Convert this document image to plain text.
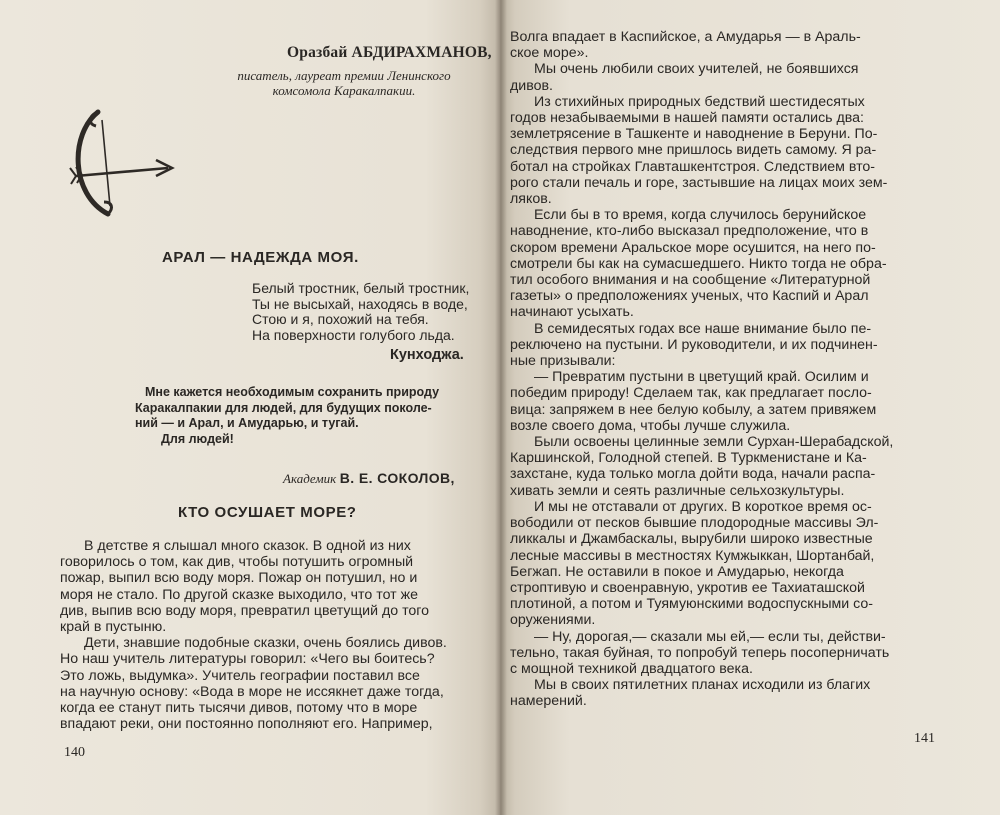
Оразбай АБДИРАХМАНОВ,
писатель, лауреат премии Ленинского
комсомола Каракалпакии.
АРАЛ — НАДЕЖДА МОЯ.
Белый тростник, белый тростник,
Ты не высыхай, находясь в воде,
Стою и я, похожий на тебя.
На поверхности голубого льда.
Кунходжа.
Мне кажется необходимым сохранить природу
Каракалпакии для людей, для будущих поколе-
ний — и Арал, и Амударью, и тугай.
Для людей!
Академик В. Е. СОКОЛОВ,
КТО ОСУШАЕТ МОРЕ?
В детстве я слышал много сказок. В одной из них
говорилось о том, как див, чтобы потушить огромный
пожар, выпил всю воду моря. Пожар он потушил, но и
моря не стало. По другой сказке выходило, что тот же
див, выпив всю воду моря, превратил цветущий до того
край в пустыню.
Дети, знавшие подобные сказки, очень боялись дивов.
Но наш учитель литературы говорил: «Чего вы боитесь?
Это ложь, выдумка». Учитель географии поставил все
на научную основу: «Вода в море не иссякнет даже тогда,
когда ее станут пить тысячи дивов, потому что в море
впадают реки, они постоянно пополняют его. Например,
140
Волга впадает в Каспийское, а Амударья — в Араль-
ское море».
Мы очень любили своих учителей, не боявшихся
дивов.
Из стихийных природных бедствий шестидесятых
годов незабываемыми в нашей памяти остались два:
землетрясение в Ташкенте и наводнение в Беруни. По-
следствия первого мне пришлось видеть самому. Я ра-
ботал на стройках Главташкентстроя. Следствием вто-
рого стали печаль и горе, застывшие на лицах моих зем-
ляков.
Если бы в то время, когда случилось берунийское
наводнение, кто-либо высказал предположение, что в
скором времени Аральское море осушится, на него по-
смотрели бы как на сумасшедшего. Никто тогда не обра-
тил особого внимания и на сообщение «Литературной
газеты» о предположениях ученых, что Каспий и Арал
начинают усыхать.
В семидесятых годах все наше внимание было пе-
реключено на пустыни. И руководители, и их подчинен-
ные призывали:
— Превратим пустыни в цветущий край. Осилим и
победим природу! Сделаем так, как предлагает посло-
вица: запряжем в нее белую кобылу, а затем привяжем
возле своего дома, чтобы лучше служила.
Были освоены целинные земли Сурхан-Шерабадской,
Каршинской, Голодной степей. В Туркменистане и Ка-
захстане, куда только могла дойти вода, начали распа-
хивать земли и сеять различные сельхозкультуры.
И мы не отставали от других. В короткое время ос-
вободили от песков бывшие плодородные массивы Эл-
ликкалы и Джамбаскалы, вырубили широко известные
лесные массивы в местностях Кумжыккан, Шортанбай,
Бегжап. Не оставили в покое и Амударью, некогда
строптивую и своенравную, укротив ее Тахиаташской
плотиной, а потом и Туямуюнскими водоспускными со-
оружениями.
— Ну, дорогая,— сказали мы ей,— если ты, действи-
тельно, такая буйная, то попробуй теперь посоперничать
с мощной техникой двадцатого века.
Мы в своих пятилетних планах исходили из благих
намерений.
141
